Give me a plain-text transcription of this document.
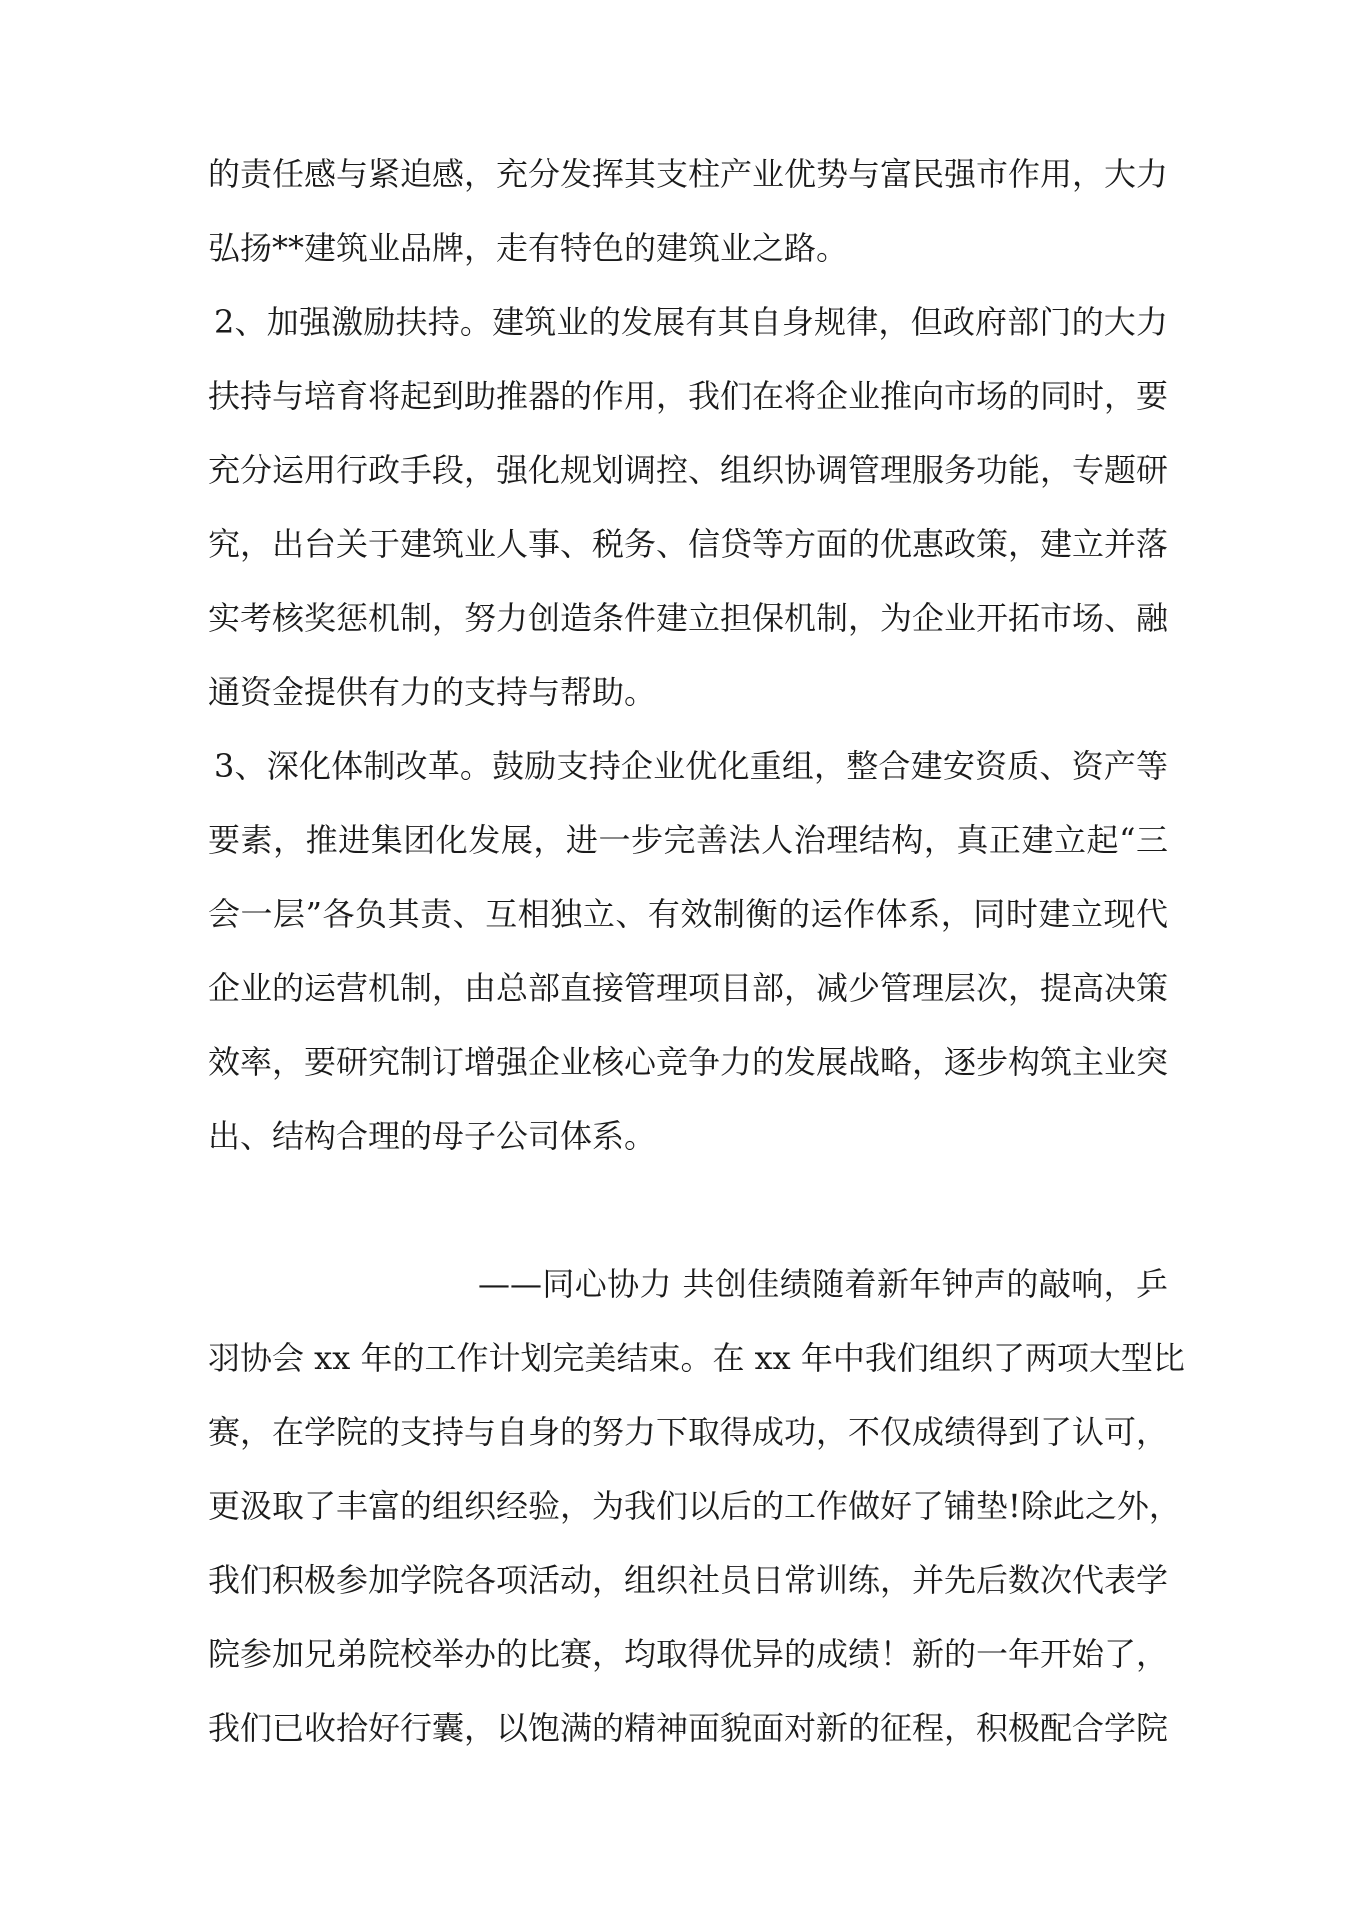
的责任感与紧迫感，充分发挥其支柱产业优势与富民强市作用，大力
弘扬**建筑业品牌，走有特色的建筑业之路。
2、加强激励扶持。建筑业的发展有其自身规律，但政府部门的大力
扶持与培育将起到助推器的作用，我们在将企业推向市场的同时，要
充分运用行政手段，强化规划调控、组织协调管理服务功能，专题研
究，出台关于建筑业人事、税务、信贷等方面的优惠政策，建立并落
实考核奖惩机制，努力创造条件建立担保机制，为企业开拓市场、融
通资金提供有力的支持与帮助。
3、深化体制改革。鼓励支持企业优化重组，整合建安资质、资产等
要素，推进集团化发展，进一步完善法人治理结构，真正建立起“三
会一层”各负其责、互相独立、有效制衡的运作体系，同时建立现代
企业的运营机制，由总部直接管理项目部，减少管理层次，提高决策
效率，要研究制订增强企业核心竞争力的发展战略，逐步构筑主业突
出、结构合理的母子公司体系。
——同心协力 共创佳绩随着新年钟声的敲响，乒
羽协会 xx 年的工作计划完美结束。在 xx 年中我们组织了两项大型比
赛，在学院的支持与自身的努力下取得成功，不仅成绩得到了认可，
更汲取了丰富的组织经验，为我们以后的工作做好了铺垫!除此之外，
我们积极参加学院各项活动，组织社员日常训练，并先后数次代表学
院参加兄弟院校举办的比赛，均取得优异的成绩！新的一年开始了，
我们已收拾好行囊，以饱满的精神面貌面对新的征程，积极配合学院
